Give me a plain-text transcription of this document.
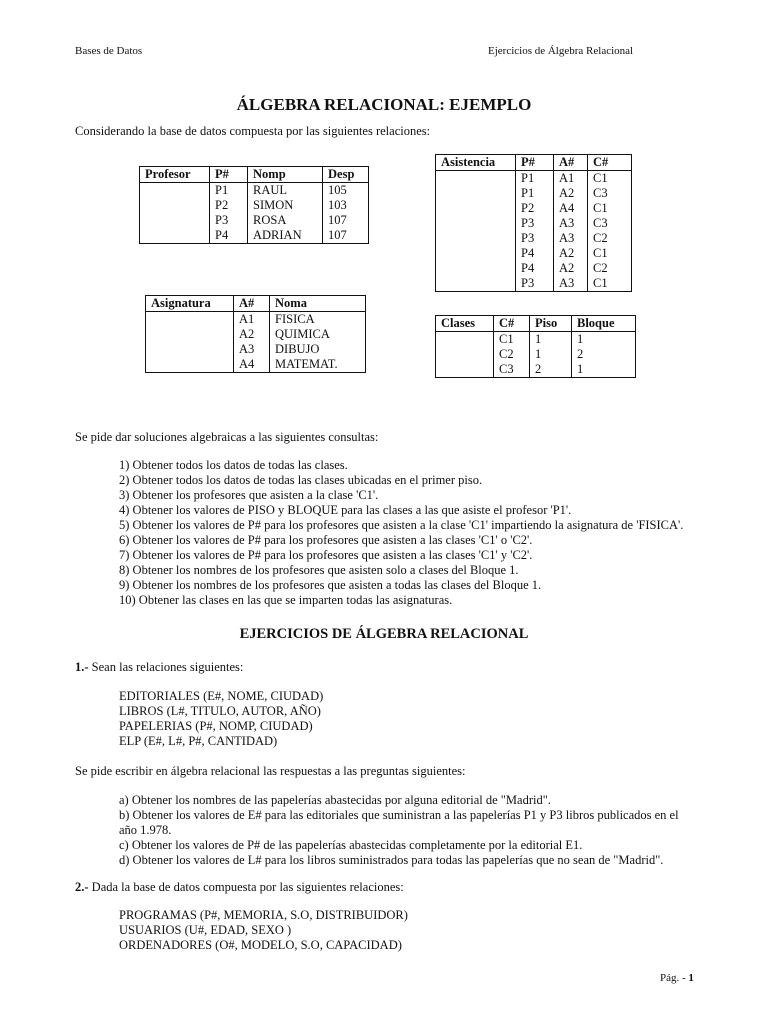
Bases de Datos	Ejercicios de Álgebra Relacional
ÁLGEBRA RELACIONAL: EJEMPLO
Considerando la base de datos compuesta por las siguientes relaciones:
Profesor	P#	Nomp	Desp
	P1	RAUL	105
	P2	SIMON	103
	P3	ROSA	107
	P4	ADRIAN	107
Asistencia	P#	A#	C#
	P1	A1	C1
	P1	A2	C3
	P2	A4	C1
	P3	A3	C3
	P3	A3	C2
	P4	A2	C1
	P4	A2	C2
	P3	A3	C1
Asignatura	A#	Noma
	A1	FISICA
	A2	QUIMICA
	A3	DIBUJO
	A4	MATEMAT.
Clases	C#	Piso	Bloque
	C1	1	1
	C2	1	2
	C3	2	1
Se pide dar soluciones algebraicas a las siguientes consultas:
1) Obtener todos los datos de todas las clases.
2) Obtener todos los datos de todas las clases ubicadas en el primer piso.
3) Obtener los profesores que asisten a la clase 'C1'.
4) Obtener los valores de PISO y BLOQUE para las clases a las que asiste el profesor 'P1'.
5) Obtener los valores de P# para los profesores que asisten a la clase 'C1' impartiendo la asignatura de 'FISICA'.
6) Obtener los valores de P# para los profesores que asisten a las clases 'C1' o 'C2'.
7) Obtener los valores de P# para los profesores que asisten a las clases 'C1' y 'C2'.
8) Obtener los nombres de los profesores que asisten solo a clases del Bloque 1.
9) Obtener los nombres de los profesores que asisten a todas las clases del Bloque 1.
10) Obtener las clases en las que se imparten todas las asignaturas.
EJERCICIOS DE ÁLGEBRA RELACIONAL
1.- Sean las relaciones siguientes:
EDITORIALES (E#, NOME, CIUDAD)
LIBROS (L#, TITULO, AUTOR, AÑO)
PAPELERIAS (P#, NOMP, CIUDAD)
ELP (E#, L#, P#, CANTIDAD)
Se pide escribir en álgebra relacional las respuestas a las preguntas siguientes:
a) Obtener los nombres de las papelerías abastecidas por alguna editorial de "Madrid".
b) Obtener los valores de E# para las editoriales que suministran a las papelerías P1 y P3 libros publicados en el
año 1.978.
c) Obtener los valores de P# de las papelerías abastecidas completamente por la editorial E1.
d) Obtener los valores de L# para los libros suministrados para todas las papelerías que no sean de "Madrid".
2.- Dada la base de datos compuesta por las siguientes relaciones:
PROGRAMAS (P#, MEMORIA, S.O, DISTRIBUIDOR)
USUARIOS (U#, EDAD, SEXO )
ORDENADORES (O#, MODELO, S.O, CAPACIDAD)
Pág. - 1
